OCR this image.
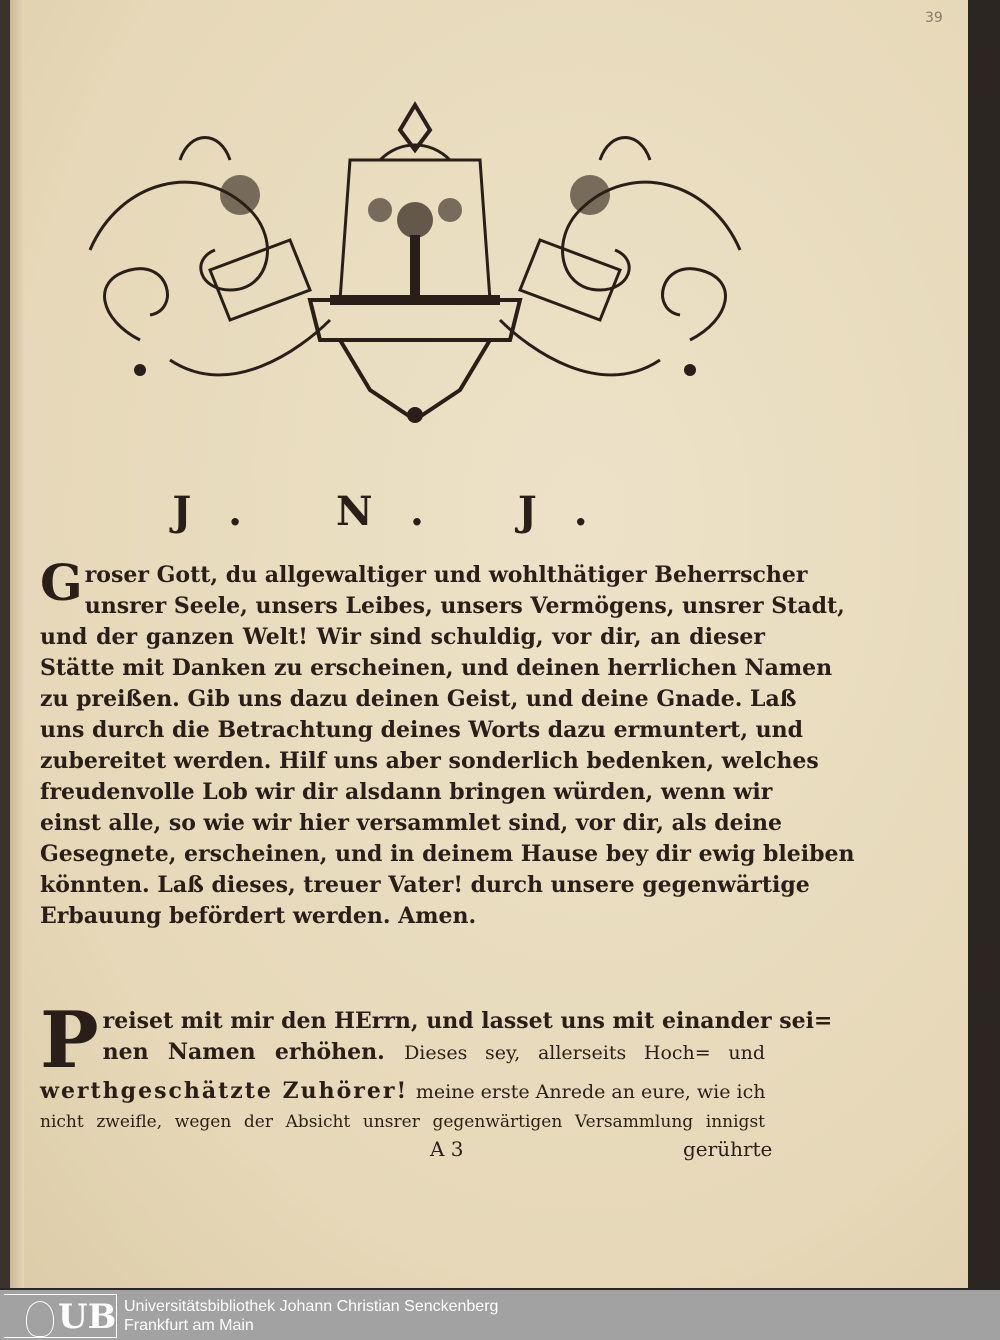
39
J. N. J.
G roser Gott, du allgewaltiger und wohlthätiger Beherrscher
unsrer Seele, unsers Leibes, unsers Vermögens, unsrer Stadt,
und der ganzen Welt! Wir sind schuldig, vor dir, an dieser
Stätte mit Danken zu erscheinen, und deinen herrlichen Namen
zu preißen. Gib uns dazu deinen Geist, und deine Gnade. Laß
uns durch die Betrachtung deines Worts dazu ermuntert, und
zubereitet werden. Hilf uns aber sonderlich bedenken, welches
freudenvolle Lob wir dir alsdann bringen würden, wenn wir
einst alle, so wie wir hier versammlet sind, vor dir, als deine
Gesegnete, erscheinen, und in deinem Hause bey dir ewig bleiben
könnten. Laß dieses, treuer Vater! durch unsere gegenwärtige
Erbauung befördert werden. Amen.
P reiset mit mir den HErrn, und lasset uns mit einander sei=
nen Namen erhöhen. Dieses sey, allerseits Hoch= und
werthgeschätzte Zuhörer! meine erste Anrede an eure, wie ich
nicht zweifle, wegen der Absicht unsrer gegenwärtigen Versammlung innigst
A 3	gerührte
UB Universitätsbibliothek Johann Christian Senckenberg
Frankfurt am Main
